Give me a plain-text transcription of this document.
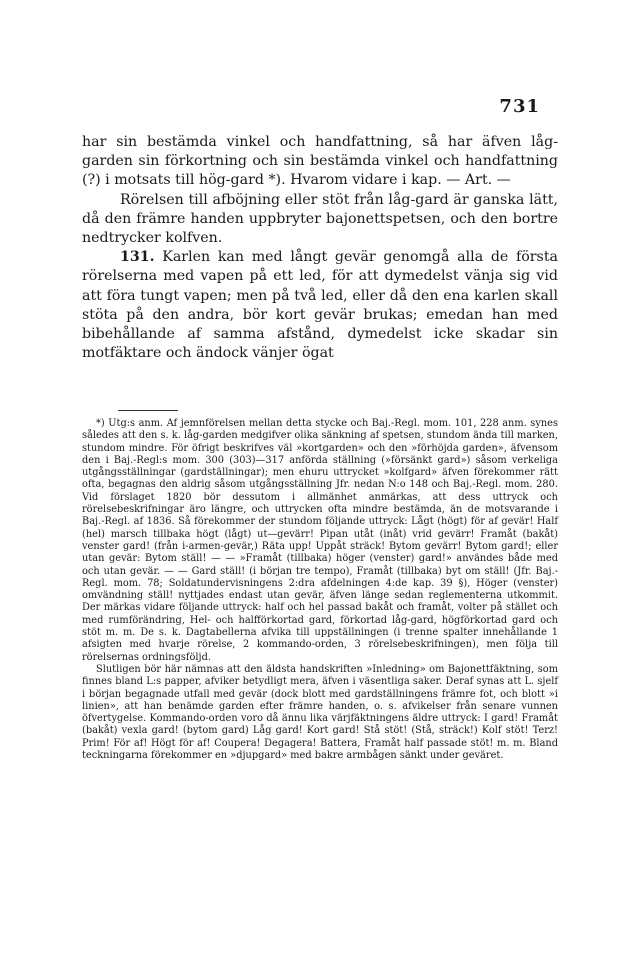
731

har sin bestämda vinkel och handfattning, så har äfven låg-garden sin förkortning och sin bestämda vinkel och handfattning (?) i motsats till hög-gard *). Hvarom vidare i kap. — Art. —

Rörelsen till afböjning eller stöt från låg-gard är ganska lätt, då den främre handen uppbryter bajonettspetsen, och den bortre nedtrycker kolfven.

131. Karlen kan med långt gevär genomgå alla de första rörelserna med vapen på ett led, för att dymedelst vänja sig vid att föra tungt vapen; men på två led, eller då den ena karlen skall stöta på den andra, bör kort gevär brukas; emedan han med bibehållande af samma afstånd, dymedelst icke skadar sin motfäktare och ändock vänjer ögat

*) Utg:s anm. Af jemnförelsen mellan detta stycke och Baj.-Regl. mom. 101, 228 anm. synes således att den s. k. låg-garden medgifver olika sänkning af spetsen, stundom ända till marken, stundom mindre. För öfrigt beskrifves väl »kortgarden» och den »förhöjda garden», äfvensom den i Baj.-Regl:s mom. 300 (303)—317 anförda ställning (»försänkt gard») såsom verkeliga utgångsställningar (gardställningar); men ehuru uttrycket »kolfgard» äfven förekommer rätt ofta, begagnas den aldrig såsom utgångsställning Jfr. nedan N:o 148 och Baj.-Regl. mom. 280. Vid förslaget 1820 bör dessutom i allmänhet anmärkas, att dess uttryck och rörelsebeskrifningar äro längre, och uttrycken ofta mindre bestämda, än de motsvarande i Baj.-Regl. af 1836. Så förekommer der stundom följande uttryck: Lågt (högt) för af gevär! Half (hel) marsch tillbaka högt (lågt) ut—gevärr! Pipan utåt (inåt) vrid gevärr! Framåt (bakåt) venster gard! (från i-armen-gevär,) Räta upp! Uppåt sträck! Bytom gevärr! Bytom gard!; eller utan gevär: Bytom ställ! — — »Framåt (tillbaka) höger (venster) gard!» användes både med och utan gevär. — — Gard ställ! (i början tre tempo), Framåt (tillbaka) byt om ställ! (Jfr. Baj.-Regl. mom. 78; Soldatundervisningens 2:dra afdelningen 4:de kap. 39 §), Höger (venster) omvändning ställ! nyttjades endast utan gevär, äfven länge sedan reglementerna utkommit. Der märkas vidare följande uttryck: half och hel passad bakåt och framåt, volter på stället och med rumförändring, Hel- och halfförkortad gard, förkortad låg-gard, högförkortad gard och stöt m. m. De s. k. Dagtabellerna afvika till uppställningen (i trenne spalter innehållande 1 afsigten med hvarje rörelse, 2 kommando-orden, 3 rörelsebeskrifningen), men följa till rörelsernas ordningsföljd.

Slutligen bör här nämnas att den äldsta handskriften »Inledning» om Bajonettfäktning, som finnes bland L:s papper, afviker betydligt mera, äfven i väsentliga saker. Deraf synas att L. sjelf i början begagnade utfall med gevär (dock blott med gardställningens främre fot, och blott »i linien», att han benämde garden efter främre handen, o. s. afvikelser från senare vunnen öfvertygelse. Kommando-orden voro då ännu lika värjfäktningens äldre uttryck: I gard! Framåt (bakåt) vexla gard! (bytom gard) Låg gard! Kort gard! Stå stöt! (Stå, sträck!) Kolf stöt! Terz! Prim! För af! Högt för af! Coupera! Degagera! Battera, Framåt half passade stöt! m. m. Bland teckningarna förekommer en »djupgard» med bakre armbågen sänkt under geväret.
